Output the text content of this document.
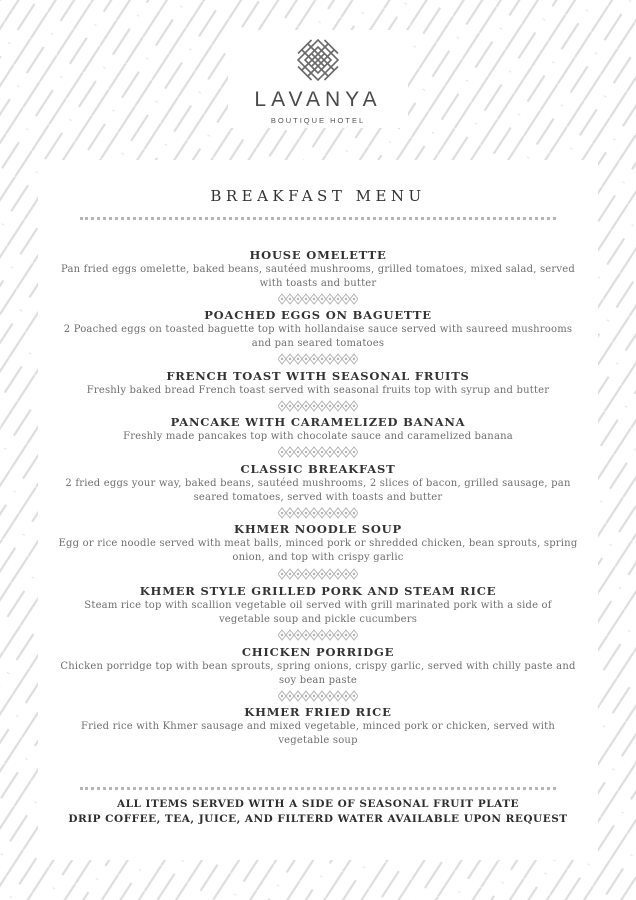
LAVANYA
BOUTIQUE HOTEL
BREAKFAST MENU
HOUSE OMELETTE
Pan fried eggs omelette, baked beans, sautéed mushrooms, grilled tomatoes, mixed salad, served with toasts and butter
POACHED EGGS ON BAGUETTE
2 Poached eggs on toasted baguette top with hollandaise sauce served with saureed mushrooms and pan seared tomatoes
FRENCH TOAST WITH SEASONAL FRUITS
Freshly baked bread French toast served with seasonal fruits top with syrup and butter
PANCAKE WITH CARAMELIZED BANANA
Freshly made pancakes top with chocolate sauce and caramelized banana
CLASSIC BREAKFAST
2 fried eggs your way, baked beans, sautéed mushrooms, 2 slices of bacon, grilled sausage, pan seared tomatoes, served with toasts and butter
KHMER NOODLE SOUP
Egg or rice noodle served with meat balls, minced pork or shredded chicken, bean sprouts, spring onion, and top with crispy garlic
KHMER STYLE GRILLED PORK AND STEAM RICE
Steam rice top with scallion vegetable oil served with grill marinated pork with a side of vegetable soup and pickle cucumbers
CHICKEN PORRIDGE
Chicken porridge top with bean sprouts, spring onions, crispy garlic, served with chilly paste and soy bean paste
KHMER FRIED RICE
Fried rice with Khmer sausage and mixed vegetable, minced pork or chicken, served with vegetable soup
ALL ITEMS SERVED WITH A SIDE OF SEASONAL FRUIT PLATE
DRIP COFFEE, TEA, JUICE, AND FILTERD WATER AVAILABLE UPON REQUEST
